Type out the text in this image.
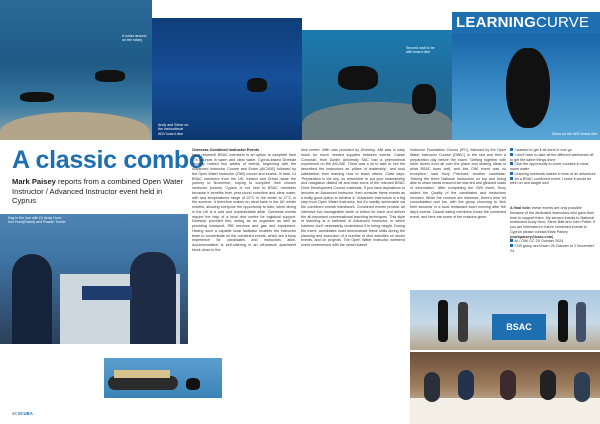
A whizz around
on the rotary
Andy and Steve on
the instructional
ADV board dive
Second wait to be
with board dive
Dives on the WW board dive
LEARNINGCURVE
A classic combo
Mark Paisey reports from a combined Open Water Instructor / Advanced Instructor event held in Cyprus
Day in the sun with Dr Andy Hunt,
Ivor Hurd(Grand) and Rowan Turner
Overseas Combined Instructor Events
have returned! BSAC members is an option to complete their IT's courses in warm and clear water. Cyprus-based Divestar recently hosted two weeks of events, beginning with the Advanced Instructor Course and Exam (AIC/AIE) followed by the Open Water Instructor (OWI) course and exams. In total, 14 BSAC members from the UK, Ireland and Dubai made the journey to November, hoping to complete their chosen instructor journey. Cyprus is not new to BSAC members because it benefits from year-round sunshine and clear water, with sea temperatures range of 22°C in the winter to 27°C in the summer. It therefore makes an ideal base in the UK winter months, allowing everyone the opportunity to train, when diving in the UK is a cold and unpredictable affair. Overseas events require the help of a local dive centre for logistical support. Divestop provided this, acting as an organiser as well as providing transport, RIB services and gas and equipment. Having such a capable local facilitator enables the instructor team to concentrate on the combined events, which are a busy experience for candidates and instructors alike. Accommodation is self-catering in an off-season apartment block close to the
dive centre. With cars provided by Divestop, Akli was in easy reach for much needed supplies between events. Ciaran Corcoran, from Dublin University SAC had a phenomenal experience on the AIC/AIE. There was a lot to take in, but the described the instructors as 'pillars of leadership', and took satisfaction from learning how to teach others. Ciara says: 'Preparation is the key, so remember to put your seamanship and navigation dialled off and read some of the relevant BSAC Diver Development Course materials. If you have aspirations to become an Advanced Instructor, then consider these events as a really good option to achieve it.' Advanced Instructors in a big step from Open Water Instructor, but it's readily achievable via the combined events framework. Combined events provide an intensive but manageable week of tuition for each and deliver the all-important conversational teaching techniques. This style of teaching is a hallmark of Advanced Instructor, in which trainees don't necessarily understand it is being taught. During the event, candidates must demonstrate these skills during the planning and execution of a number of dive activities on seven events, and on projects. The Open Water Instructor weekend event commenced with the newer-based
Instructor Foundation Course (IFC), followed by the Open Water Instructor Course (OWIC) in the sea and then a preparation day before the exam. 'Getting together with other divers from all over the place and sharing ideas is what BSAC does well, and this OWI event was no exception,' said Suzy Pritchard, another candidate. 'Having the three National Instructors on top and being able to share ideas ensured we learned and gleaned loads of information.' After completing the OWI event, Suzy added the Quality of the candidates and instructors involved. While the courses are intensive, there's time for consolidation and fun, with the group choosing to 'kick their seconds' in a local restaurant each evening after the day's events. Casual eating members chose the combined event, and here are some of the reasons given:
I wanted to get it all done in one go
I don't have to take all the different weekends off to get the same things done
I like the opportunity to cover courses in clear, warm water
Learning overseas makes it more of an adventure
As a BSAC combined event, I knew it would be well run and taught well
A final note: these events are only possible because of the dedicated instructors who gave their time to support them. My sincere thanks to National Instructors Andy Hunt, Steve Batt and John Potter. If you are interested in future combined events in Cyprus please contact Mark Paisey (markpaisey@bsac.com)
AI / OWI CC 25 October 2024
FCB group and exam 26 October to 1 November 24
BSAC
44 SCUBA
